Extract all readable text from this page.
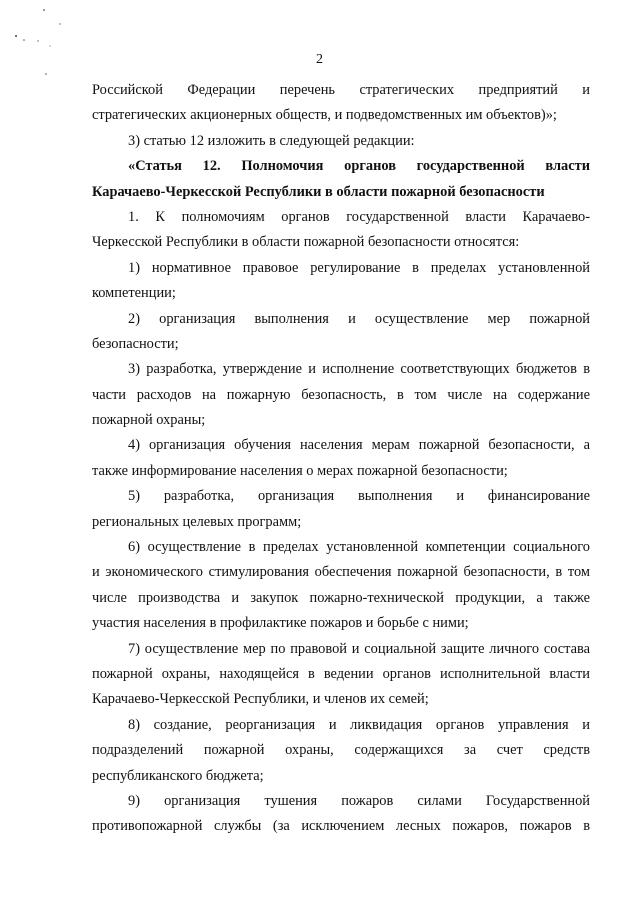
2
Российской Федерации перечень стратегических предприятий и
стратегических акционерных обществ, и подведомственных им объектов)»;
3) статью 12 изложить в следующей редакции:
«Статья 12. Полномочия органов государственной власти
Карачаево-Черкесской Республики в области пожарной безопасности
1. К полномочиям органов государственной власти Карачаево-
Черкесской Республики в области пожарной безопасности относятся:
1) нормативное правовое регулирование в пределах установленной
компетенции;
2) организация выполнения и осуществление мер пожарной
безопасности;
3) разработка, утверждение и исполнение соответствующих бюджетов в
части расходов на пожарную безопасность, в том числе на содержание
пожарной охраны;
4) организация обучения населения мерам пожарной безопасности, а
также информирование населения о мерах пожарной безопасности;
5) разработка, организация выполнения и финансирование
региональных целевых программ;
6) осуществление в пределах установленной компетенции социального
и экономического стимулирования обеспечения пожарной безопасности, в том
числе производства и закупок пожарно-технической продукции, а также
участия населения в профилактике пожаров и борьбе с ними;
7) осуществление мер по правовой и социальной защите личного состава
пожарной охраны, находящейся в ведении органов исполнительной власти
Карачаево-Черкесской Республики, и членов их семей;
8) создание, реорганизация и ликвидация органов управления и
подразделений пожарной охраны, содержащихся за счет средств
республиканского бюджета;
9) организация тушения пожаров силами Государственной
противопожарной службы (за исключением лесных пожаров, пожаров в
